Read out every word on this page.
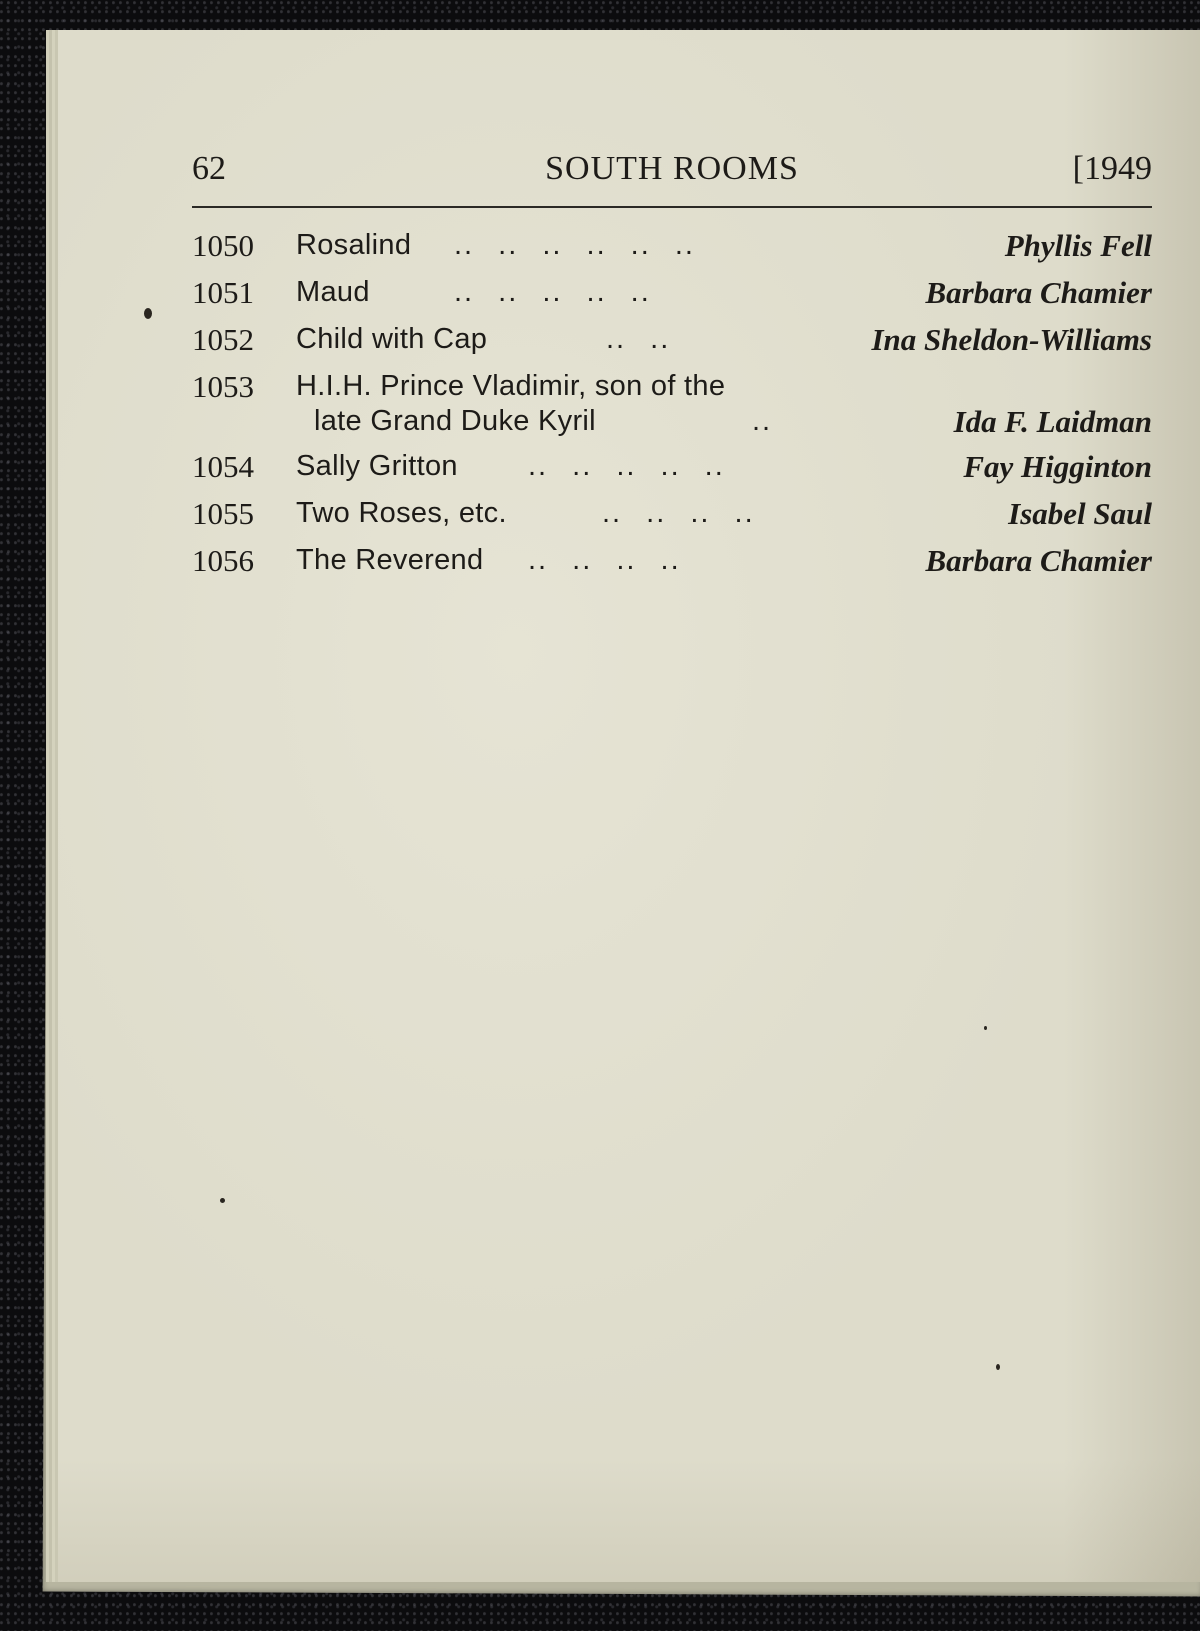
62	SOUTH ROOMS	[1949
1050 Rosalind .. .. .. .. .. ..	Phyllis Fell
1051 Maud	.. .. .. .. ..	Barbara Chamier
1052 Child with Cap	.. ..	Ina Sheldon-Williams
1053 H.I.H. Prince Vladimir, son of the
late Grand Duke Kyril	..	Ida F. Laidman
1054 Sally Gritton .. .. .. .. ..	Fay Higginton
1055 Two Roses, etc.	.. .. .. ..	Isabel Saul
1056 The Reverend .. .. .. ..	Barbara Chamier
